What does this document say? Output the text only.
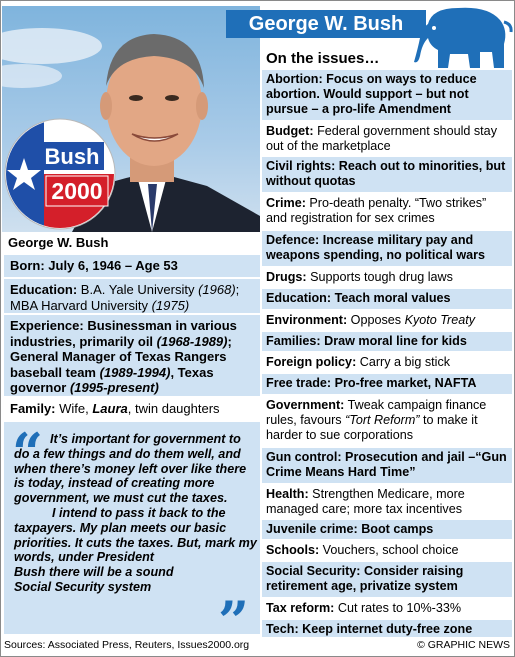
George W. Bush
Bush
2000
George W. Bush
Born: July 6, 1946 – Age 53
Education: B.A. Yale University (1968); MBA Harvard University (1975)
Experience: Businessman in various industries, primarily oil (1968-1989); General Manager of Texas Rangers baseball team (1989-1994), Texas governor (1995-present)
Family: Wife, Laura, twin daughters
“ It’s important for government to do a few things and do them well, and when there’s money left over like there is today, instead of creating more government, we must cut the taxes.

I intend to pass it back to the taxpayers. My plan meets our basic priorities. It cuts the taxes. But, mark my words, under President

Bush there will be a sound Social Security system

”
On the issues…
Abortion: Focus on ways to reduce abortion. Would support – but not pursue – a pro-life Amendment
Budget: Federal government should stay out of the marketplace
Civil rights: Reach out to minorities, but without quotas
Crime: Pro-death penalty. “Two strikes” and registration for sex crimes
Defence: Increase military pay and weapons spending, no political wars
Drugs: Supports tough drug laws
Education: Teach moral values
Environment: Opposes Kyoto Treaty
Families: Draw moral line for kids
Foreign policy: Carry a big stick
Free trade: Pro-free market, NAFTA
Government: Tweak campaign finance rules, favours “Tort Reform” to make it harder to sue corporations
Gun control: Prosecution and jail –“Gun Crime Means Hard Time”
Health: Strengthen Medicare, more managed care; more tax incentives
Juvenile crime: Boot camps
Schools: Vouchers, school choice
Social Security: Consider raising retirement age, privatize system
Tax reform: Cut rates to 10%-33%
Tech: Keep internet duty-free zone
Sources: Associated Press, Reuters, Issues2000.org	© GRAPHIC NEWS
